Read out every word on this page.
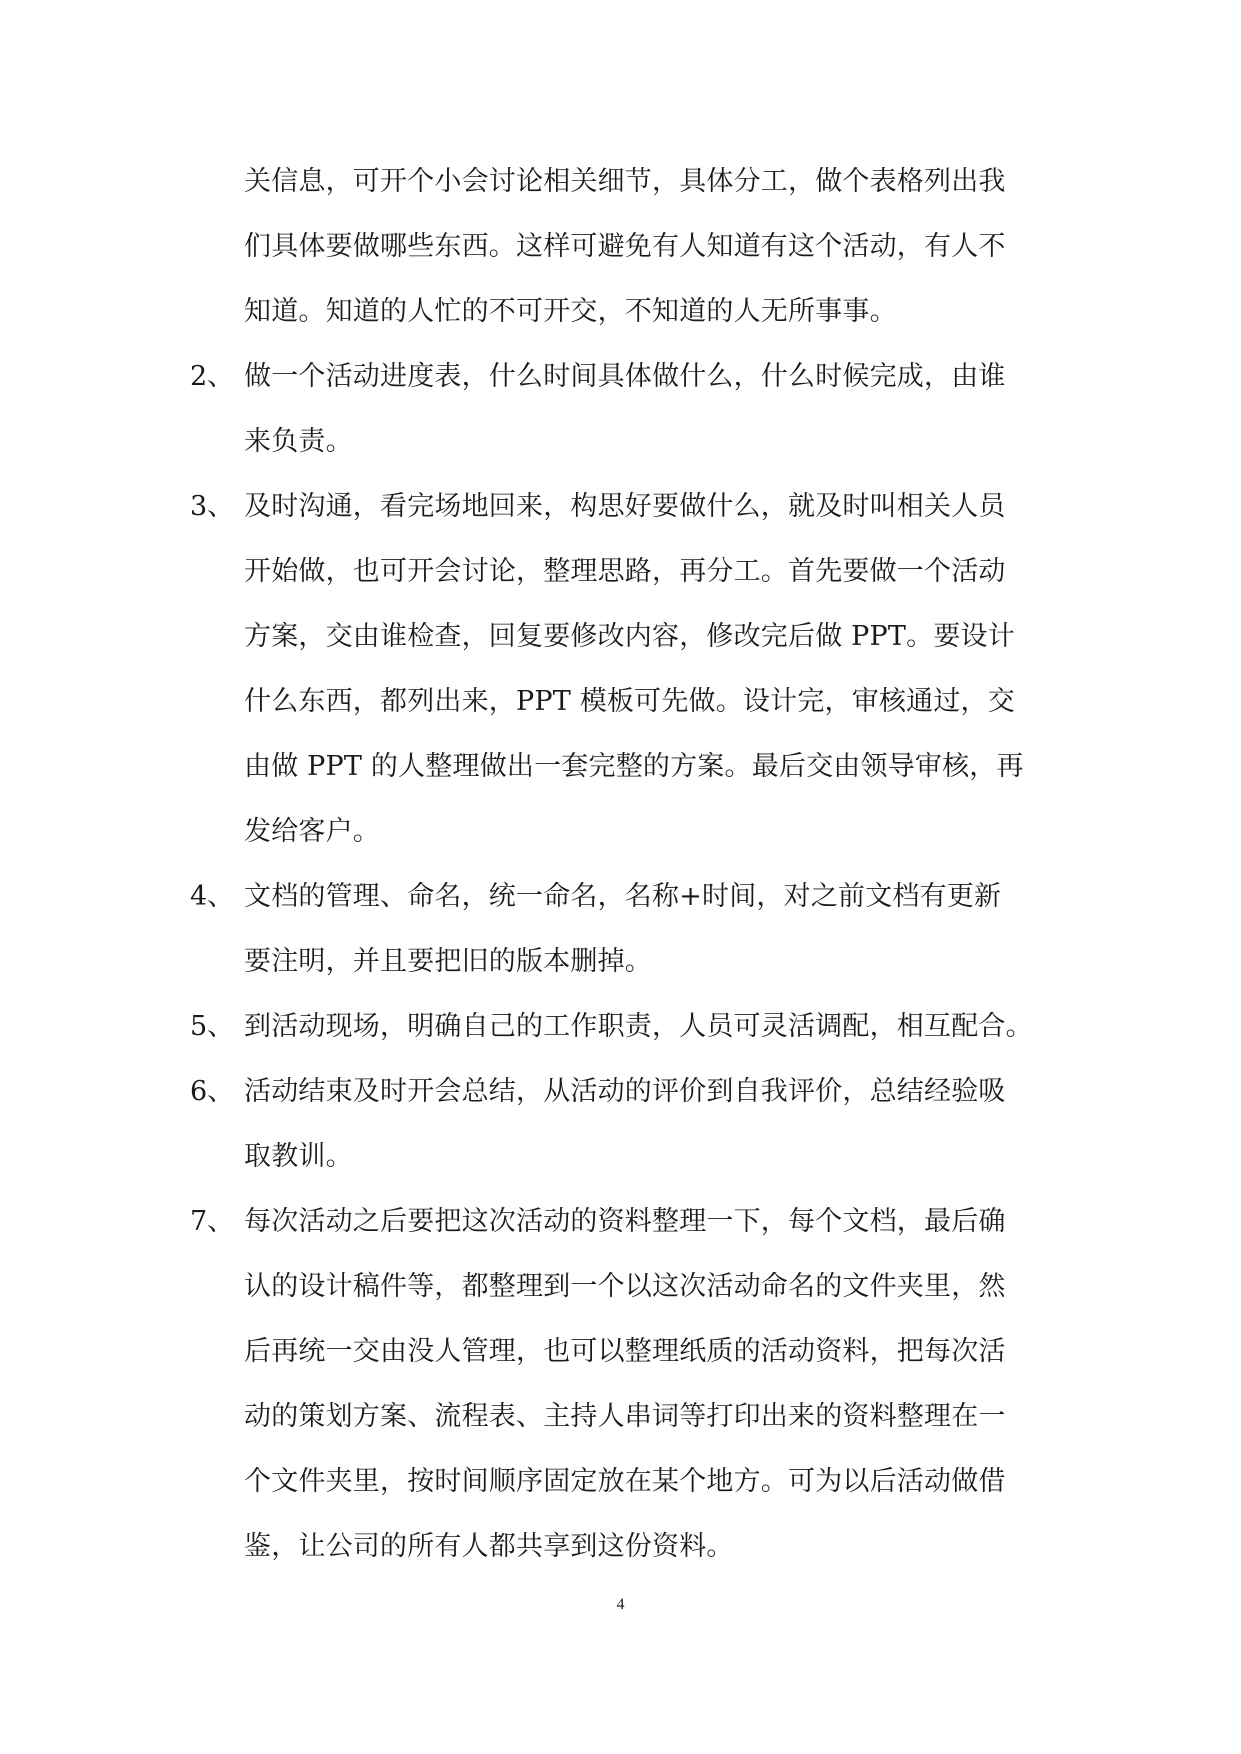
关信息，可开个小会讨论相关细节，具体分工，做个表格列出我
们具体要做哪些东西。这样可避免有人知道有这个活动，有人不
知道。知道的人忙的不可开交，不知道的人无所事事。
2、 做一个活动进度表，什么时间具体做什么，什么时候完成，由谁
来负责。
3、 及时沟通，看完场地回来，构思好要做什么，就及时叫相关人员
开始做，也可开会讨论，整理思路，再分工。首先要做一个活动
方案，交由谁检查，回复要修改内容，修改完后做 PPT。要设计
什么东西，都列出来，PPT 模板可先做。设计完，审核通过，交
由做 PPT 的人整理做出一套完整的方案。最后交由领导审核，再
发给客户。
4、 文档的管理、命名，统一命名，名称+时间，对之前文档有更新
要注明，并且要把旧的版本删掉。
5、 到活动现场，明确自己的工作职责，人员可灵活调配，相互配合。
6、 活动结束及时开会总结，从活动的评价到自我评价，总结经验吸
取教训。
7、 每次活动之后要把这次活动的资料整理一下，每个文档，最后确
认的设计稿件等，都整理到一个以这次活动命名的文件夹里，然
后再统一交由没人管理，也可以整理纸质的活动资料，把每次活
动的策划方案、流程表、主持人串词等打印出来的资料整理在一
个文件夹里，按时间顺序固定放在某个地方。可为以后活动做借
鉴，让公司的所有人都共享到这份资料。
4
